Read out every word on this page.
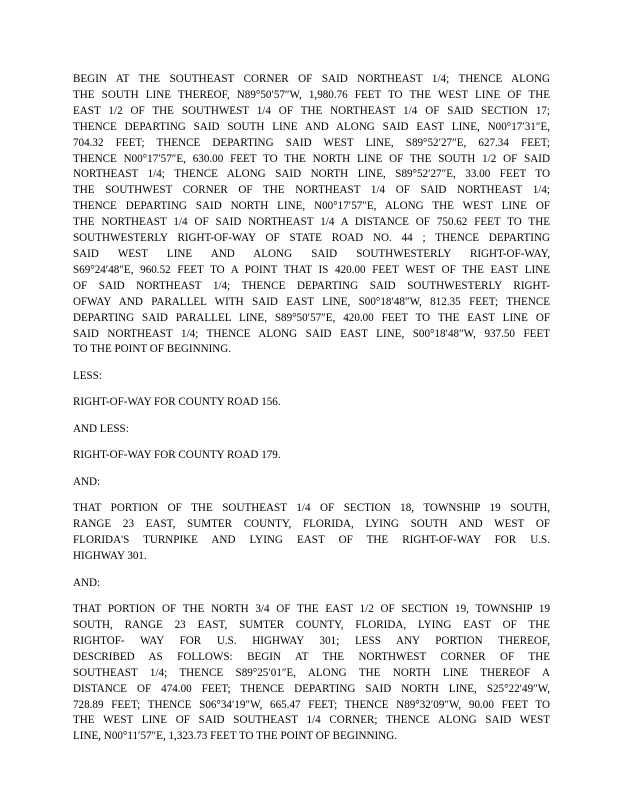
BEGIN AT THE SOUTHEAST CORNER OF SAID NORTHEAST 1/4; THENCE ALONG
THE SOUTH LINE THEREOF, N89°50′57″W, 1,980.76 FEET TO THE WEST LINE OF THE
EAST 1/2 OF THE SOUTHWEST 1/4 OF THE NORTHEAST 1/4 OF SAID SECTION 17;
THENCE DEPARTING SAID SOUTH LINE AND ALONG SAID EAST LINE, N00°17′31″E,
704.32 FEET; THENCE DEPARTING SAID WEST LINE, S89°52′27″E, 627.34 FEET;
THENCE N00°17′57″E, 630.00 FEET TO THE NORTH LINE OF THE SOUTH 1/2 OF SAID
NORTHEAST 1/4; THENCE ALONG SAID NORTH LINE, S89°52′27″E, 33.00 FEET TO
THE SOUTHWEST CORNER OF THE NORTHEAST 1/4 OF SAID NORTHEAST 1/4;
THENCE DEPARTING SAID NORTH LINE, N00°17′57″E, ALONG THE WEST LINE OF
THE NORTHEAST 1/4 OF SAID NORTHEAST 1/4 A DISTANCE OF 750.62 FEET TO THE
SOUTHWESTERLY RIGHT-OF-WAY OF STATE ROAD NO. 44 ; THENCE DEPARTING
SAID WEST LINE AND ALONG SAID SOUTHWESTERLY RIGHT-OF-WAY,
S69°24′48″E, 960.52 FEET TO A POINT THAT IS 420.00 FEET WEST OF THE EAST LINE
OF SAID NORTHEAST 1/4; THENCE DEPARTING SAID SOUTHWESTERLY RIGHT-
OFWAY AND PARALLEL WITH SAID EAST LINE, S00°18′48″W, 812.35 FEET; THENCE
DEPARTING SAID PARALLEL LINE, S89°50′57″E, 420.00 FEET TO THE EAST LINE OF
SAID NORTHEAST 1/4; THENCE ALONG SAID EAST LINE, S00°18′48″W, 937.50 FEET
TO THE POINT OF BEGINNING.

LESS:

RIGHT-OF-WAY FOR COUNTY ROAD 156.

AND LESS:

RIGHT-OF-WAY FOR COUNTY ROAD 179.

AND:

THAT PORTION OF THE SOUTHEAST 1/4 OF SECTION 18, TOWNSHIP 19 SOUTH,
RANGE 23 EAST, SUMTER COUNTY, FLORIDA, LYING SOUTH AND WEST OF
FLORIDA'S TURNPIKE AND LYING EAST OF THE RIGHT-OF-WAY FOR U.S.
HIGHWAY 301.

AND:

THAT PORTION OF THE NORTH 3/4 OF THE EAST 1/2 OF SECTION 19, TOWNSHIP 19
SOUTH, RANGE 23 EAST, SUMTER COUNTY, FLORIDA, LYING EAST OF THE
RIGHTOF- WAY FOR U.S. HIGHWAY 301; LESS ANY PORTION THEREOF,
DESCRIBED AS FOLLOWS: BEGIN AT THE NORTHWEST CORNER OF THE
SOUTHEAST 1/4; THENCE S89°25′01″E, ALONG THE NORTH LINE THEREOF A
DISTANCE OF 474.00 FEET; THENCE DEPARTING SAID NORTH LINE, S25°22′49″W,
728.89 FEET; THENCE S06°34′19″W, 665.47 FEET; THENCE N89°32′09″W, 90.00 FEET TO
THE WEST LINE OF SAID SOUTHEAST 1/4 CORNER; THENCE ALONG SAID WEST
LINE, N00°11′57″E, 1,323.73 FEET TO THE POINT OF BEGINNING.
